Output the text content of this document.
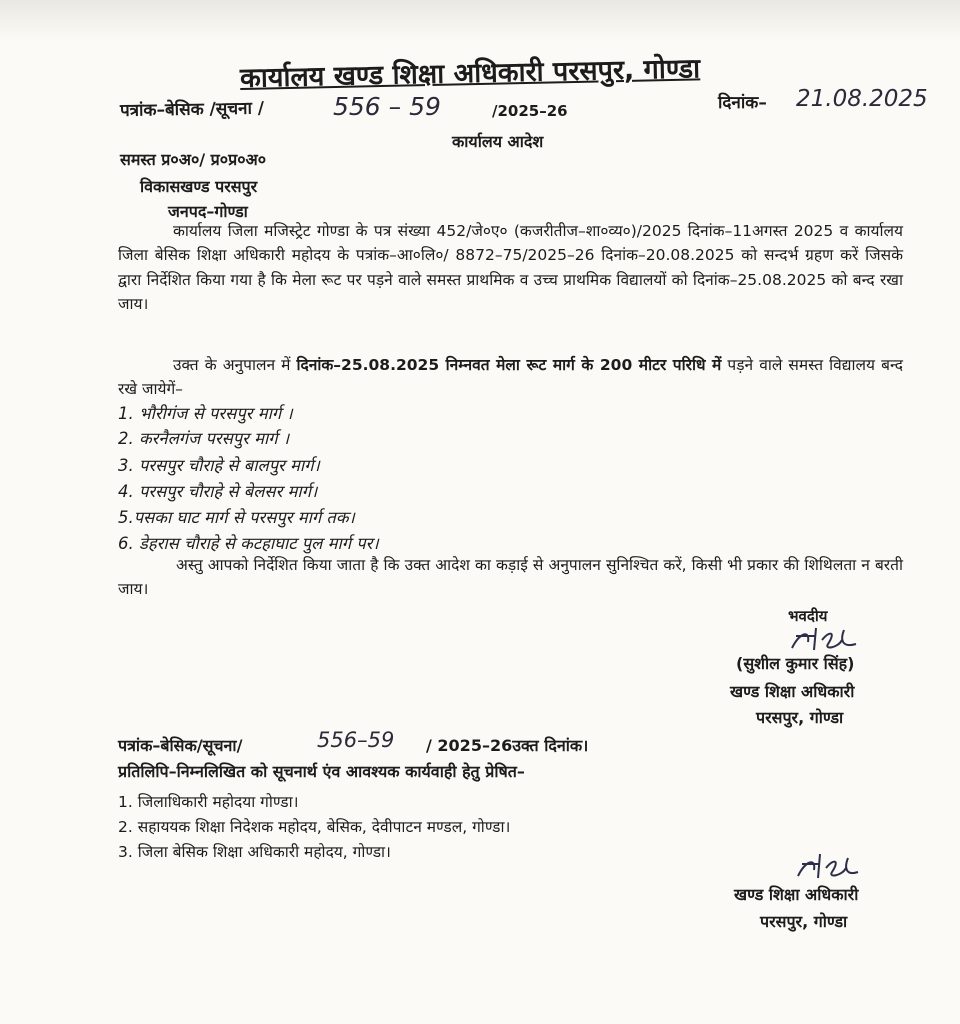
कार्यालय खण्ड शिक्षा अधिकारी परसपुर, गोण्डा
पत्रांक–बेसिक /सूचना /	556 – 59	/2025–26	दिनांक– 21.08.2025
कार्यालय आदेश
समस्त प्र०अ०/ प्र०प्र०अ०
विकासखण्ड परसपुर
जनपद–गोण्डा
कार्यालय जिला मजिस्ट्रेट गोण्डा के पत्र संख्या 452/जे०ए० (कजरीतीज–शा०व्य०)/2025 दिनांक–11अगस्त 2025 व कार्यालय जिला बेसिक शिक्षा अधिकारी महोदय के पत्रांक–आ०लि०/ 8872–75/2025–26 दिनांक–20.08.2025 को सन्दर्भ ग्रहण करें जिसके द्वारा निर्देशित किया गया है कि मेला रूट पर पड़ने वाले समस्त प्राथमिक व उच्च प्राथमिक विद्यालयों को दिनांक–25.08.2025 को बन्द रखा जाय।
उक्त के अनुपालन में दिनांक–25.08.2025 निम्नवत मेला रूट मार्ग के 200 मीटर परिधि में पड़ने वाले समस्त विद्यालय बन्द रखे जायेगें–
1. भौरीगंज से परसपुर मार्ग ।
2. करनैलगंज परसपुर मार्ग ।
3. परसपुर चौराहे से बालपुर मार्ग।
4. परसपुर चौराहे से बेलसर मार्ग।
5.पसका घाट मार्ग से परसपुर मार्ग तक।
6. डेहरास चौराहे से कटहाघाट पुल मार्ग पर।
अस्तु आपको निर्देशित किया जाता है कि उक्त आदेश का कड़ाई से अनुपालन सुनिश्चित करें, किसी भी प्रकार की शिथिलता न बरती जाय।
भवदीय
(सुशील कुमार सिंह)
खण्ड शिक्षा अधिकारी
परसपुर, गोण्डा
पत्रांक–बेसिक/सूचना/	556–59 / 2025–26उक्त दिनांक।
प्रतिलिपि–निम्नलिखित को सूचनार्थ एंव आवश्यक कार्यवाही हेतु प्रेषित–
1. जिलाधिकारी महोदया गोण्डा।
2. सहाययक शिक्षा निदेशक महोदय, बेसिक, देवीपाटन मण्डल, गोण्डा।
3. जिला बेसिक शिक्षा अधिकारी महोदय, गोण्डा।
खण्ड शिक्षा अधिकारी
परसपुर, गोण्डा
